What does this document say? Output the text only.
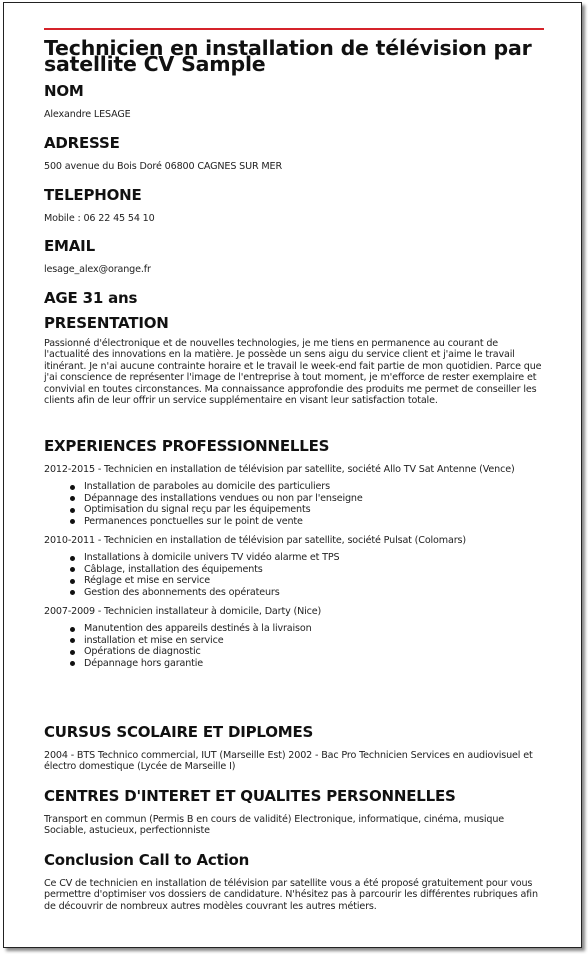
Technicien en installation de télévision par satellite CV Sample
NOM
Alexandre LESAGE
ADRESSE
500 avenue du Bois Doré 06800 CAGNES SUR MER
TELEPHONE
Mobile : 06 22 45 54 10
EMAIL
lesage_alex@orange.fr
AGE 31 ans
PRESENTATION
Passionné d'électronique et de nouvelles technologies, je me tiens en permanence au courant de l'actualité des innovations en la matière. Je possède un sens aigu du service client et j'aime le travail itinérant. Je n'ai aucune contrainte horaire et le travail le week-end fait partie de mon quotidien. Parce que j'ai conscience de représenter l'image de l'entreprise à tout moment, je m'efforce de rester exemplaire et convivial en toutes circonstances. Ma connaissance approfondie des produits me permet de conseiller les clients afin de leur offrir un service supplémentaire en visant leur satisfaction totale.
EXPERIENCES PROFESSIONNELLES
2012-2015 - Technicien en installation de télévision par satellite, société Allo TV Sat Antenne (Vence)
Installation de paraboles au domicile des particuliers
Dépannage des installations vendues ou non par l'enseigne
Optimisation du signal reçu par les équipements
Permanences ponctuelles sur le point de vente
2010-2011 - Technicien en installation de télévision par satellite, société Pulsat (Colomars)
Installations à domicile univers TV vidéo alarme et TPS
Câblage, installation des équipements
Réglage et mise en service
Gestion des abonnements des opérateurs
2007-2009 - Technicien installateur à domicile, Darty (Nice)
Manutention des appareils destinés à la livraison
installation et mise en service
Opérations de diagnostic
Dépannage hors garantie
CURSUS SCOLAIRE ET DIPLOMES
2004 - BTS Technico commercial, IUT (Marseille Est) 2002 - Bac Pro Technicien Services en audiovisuel et électro domestique (Lycée de Marseille I)
CENTRES D'INTERET ET QUALITES PERSONNELLES
Transport en commun (Permis B en cours de validité) Electronique, informatique, cinéma, musique Sociable, astucieux, perfectionniste
Conclusion Call to Action
Ce CV de technicien en installation de télévision par satellite vous a été proposé gratuitement pour vous permettre d'optimiser vos dossiers de candidature. N'hésitez pas à parcourir les différentes rubriques afin de découvrir de nombreux autres modèles couvrant les autres métiers.
